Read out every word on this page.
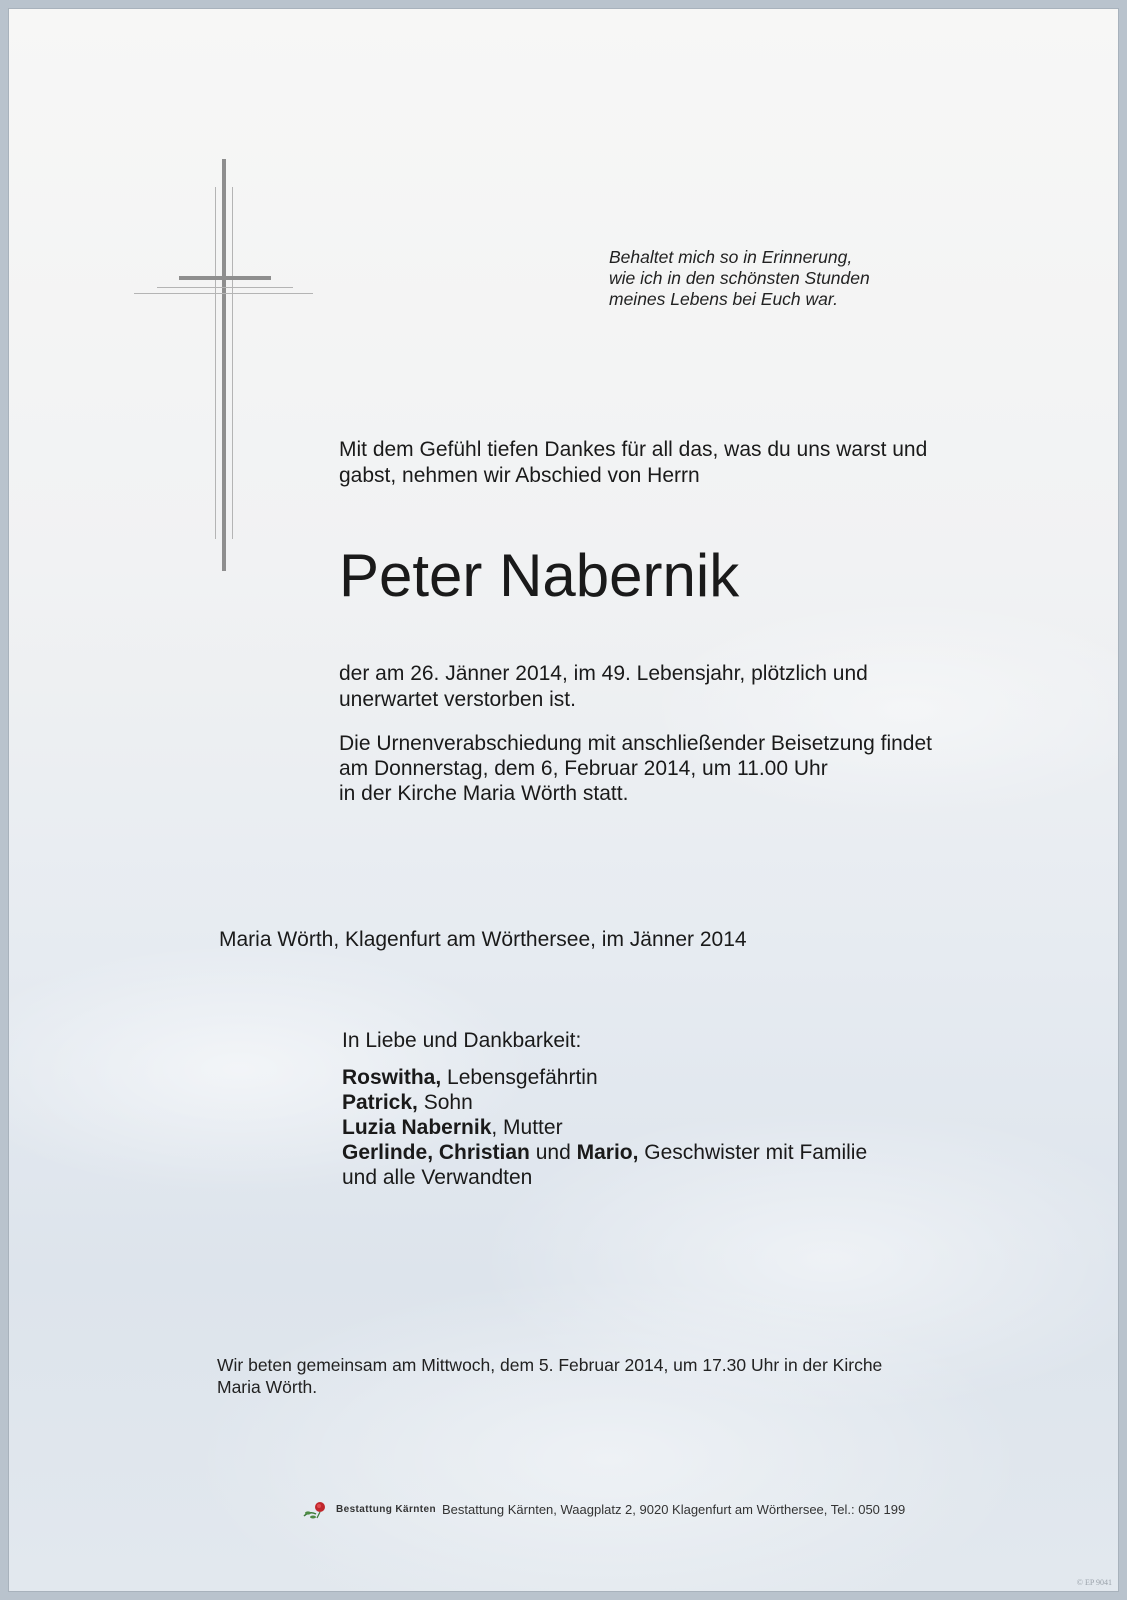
Behaltet mich so in Erinnerung,
wie ich in den schönsten Stunden
meines Lebens bei Euch war.

Mit dem Gefühl tiefen Dankes für all das, was du uns warst und
gabst, nehmen wir Abschied von Herrn

Peter Nabernik

der am 26. Jänner 2014, im 49. Lebensjahr, plötzlich und
unerwartet verstorben ist.

Die Urnenverabschiedung mit anschließender Beisetzung findet
am Donnerstag, dem 6, Februar 2014, um 11.00 Uhr
in der Kirche Maria Wörth statt.

Maria Wörth, Klagenfurt am Wörthersee, im Jänner 2014

In Liebe und Dankbarkeit:

Roswitha, Lebensgefährtin
Patrick, Sohn
Luzia Nabernik, Mutter
Gerlinde, Christian und Mario, Geschwister mit Familie
und alle Verwandten

Wir beten gemeinsam am Mittwoch, dem 5. Februar 2014, um 17.30 Uhr in der Kirche
Maria Wörth.

Bestattung Kärnten Bestattung Kärnten, Waagplatz 2, 9020 Klagenfurt am Wörthersee, Tel.: 050 199
© EP 9041
